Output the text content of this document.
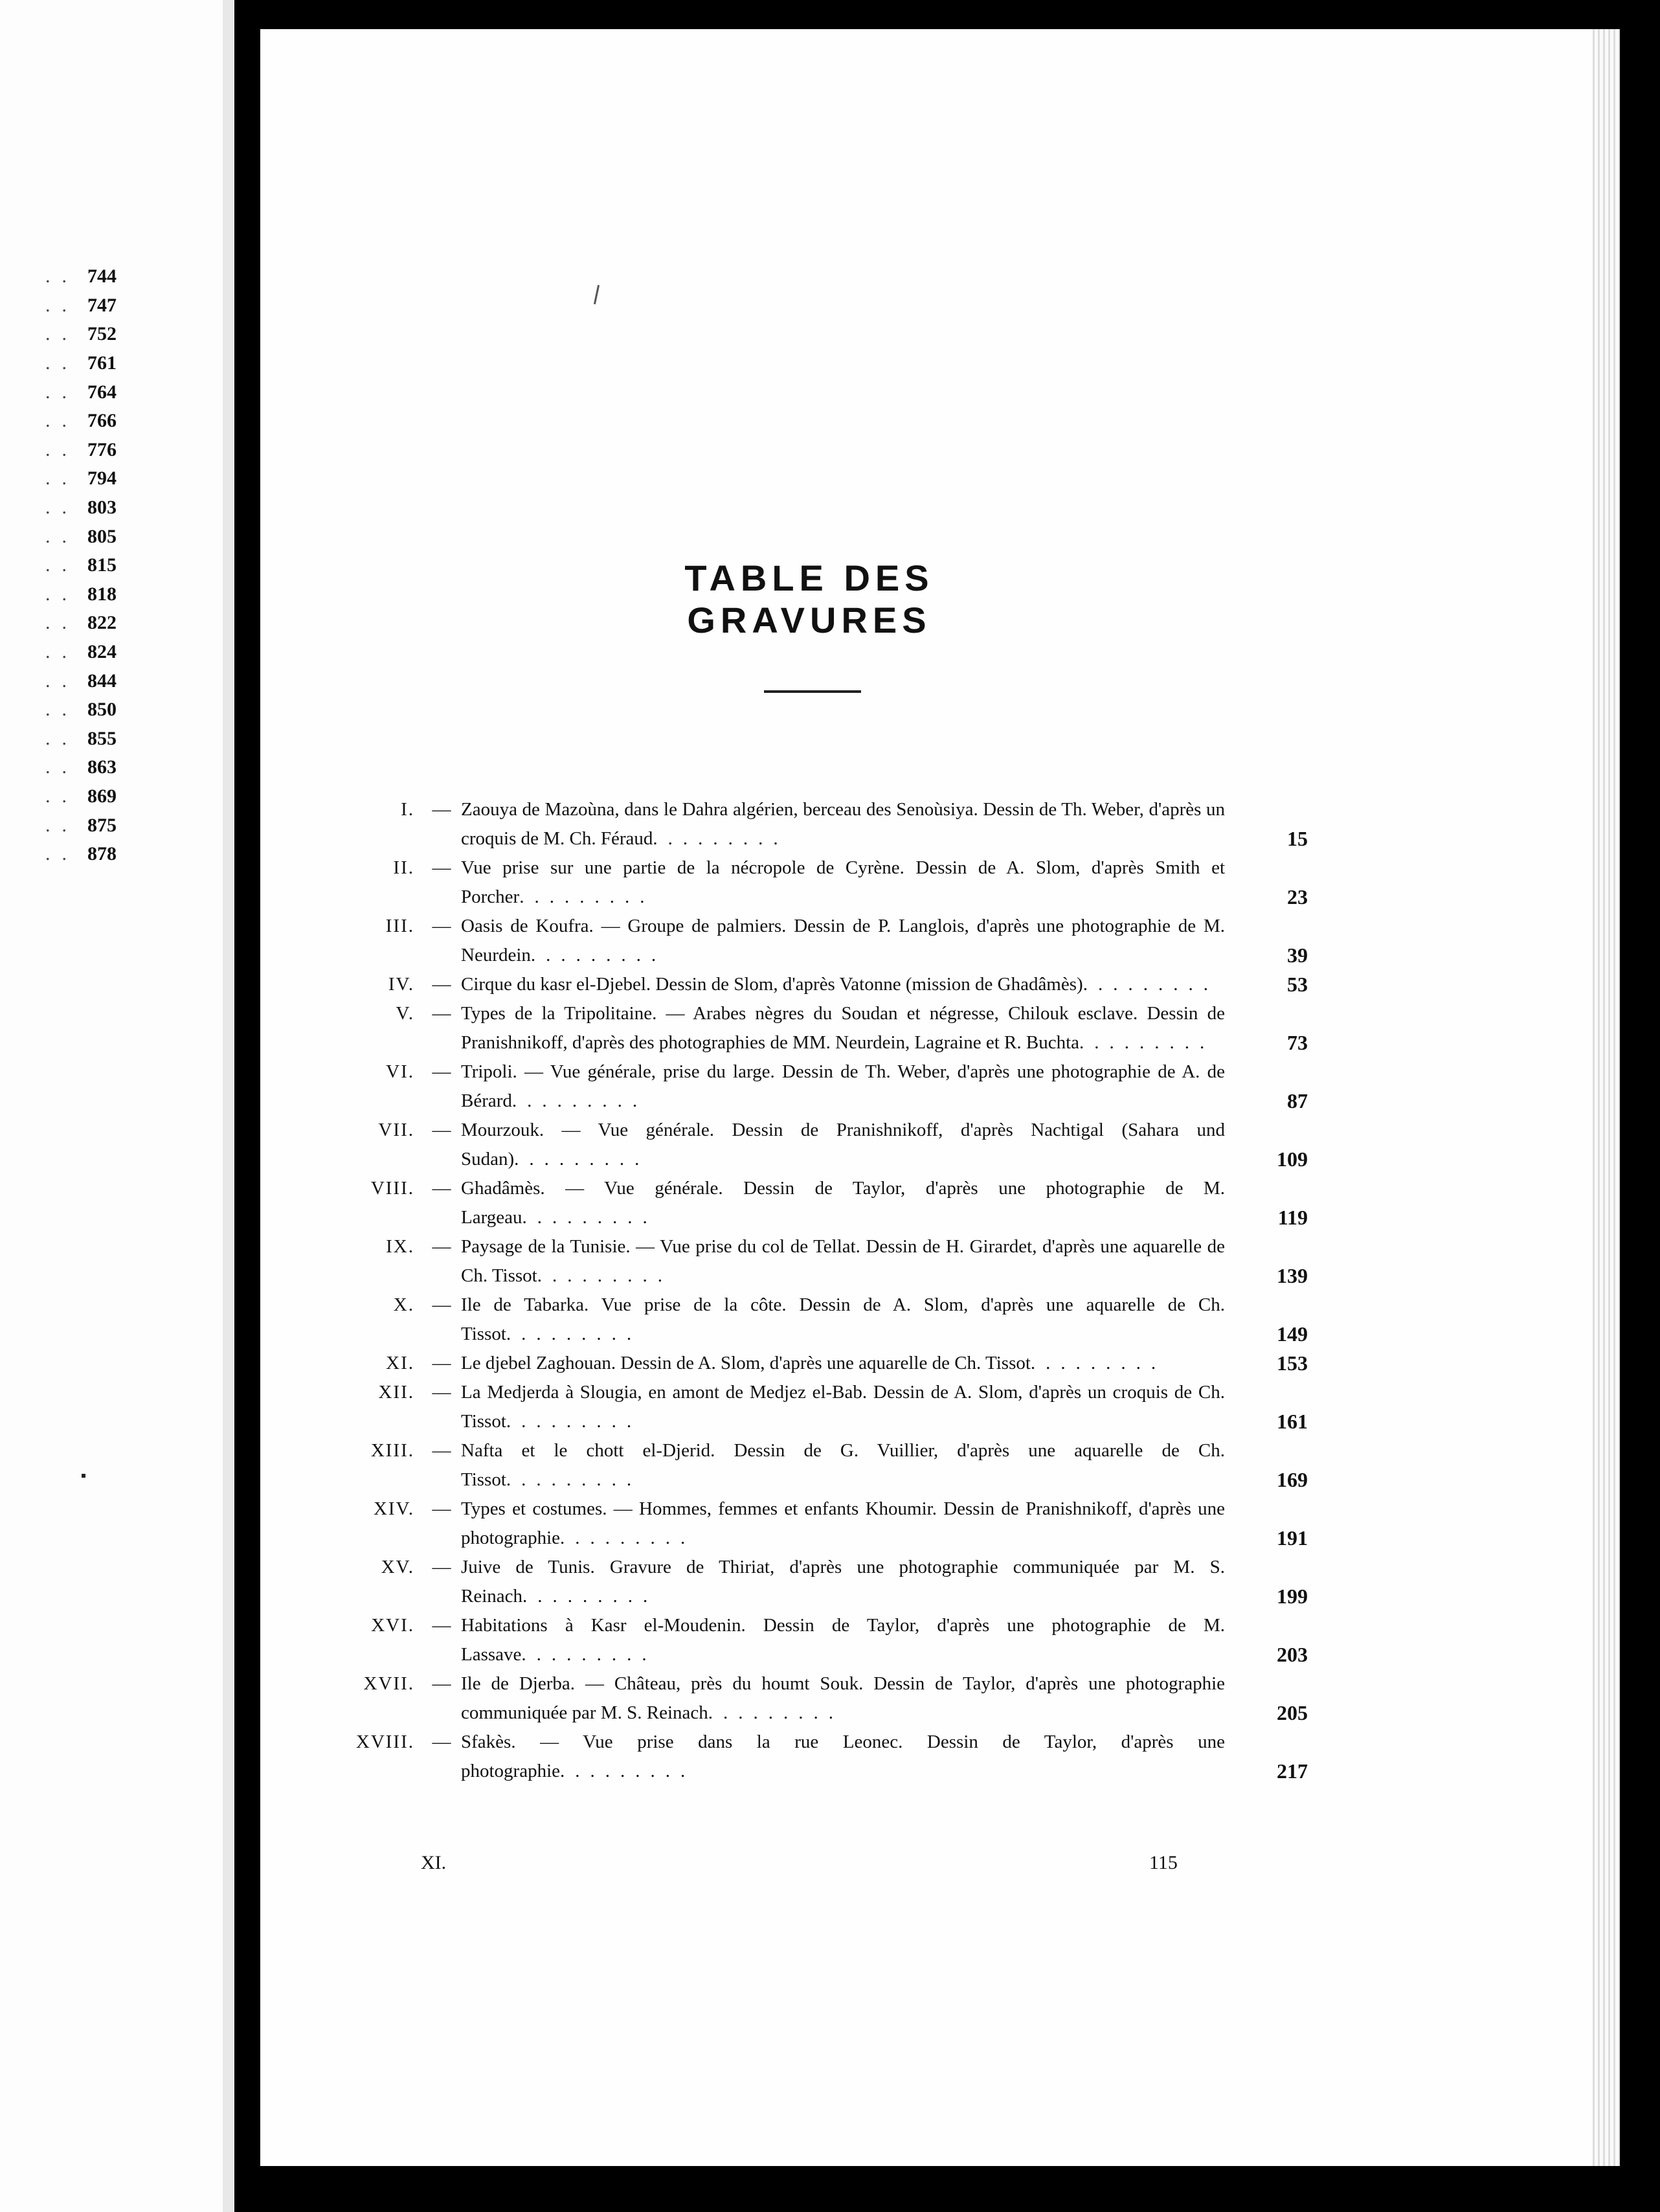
.. 744
.. 747
.. 752
.. 761
.. 764
.. 766
.. 776
.. 794
.. 803
.. 805
.. 815
.. 818
.. 822
.. 824
.. 844
.. 850
.. 855
.. 863
.. 869
.. 875
.. 878
TABLE DES GRAVURES
I. — Zaouya de Mazoùna, dans le Dahra algérien, berceau des Senoùsiya. Dessin de Th. Weber, d'après un croquis de M. Ch. Féraud.........	15
II. — Vue prise sur une partie de la nécropole de Cyrène. Dessin de A. Slom, d'après Smith et Porcher.........	23
III. — Oasis de Koufra. — Groupe de palmiers. Dessin de P. Langlois, d'après une photographie de M. Neurdein.........	39
IV. — Cirque du kasr el-Djebel. Dessin de Slom, d'après Vatonne (mission de Ghadâmès).........	53
V. — Types de la Tripolitaine. — Arabes nègres du Soudan et négresse, Chilouk esclave. Dessin de Pranishnikoff, d'après des photographies de MM. Neurdein, Lagraine et R. Buchta.........	73
VI. — Tripoli. — Vue générale, prise du large. Dessin de Th. Weber, d'après une photographie de A. de Bérard.........	87
VII. — Mourzouk. — Vue générale. Dessin de Pranishnikoff, d'après Nachtigal (Sahara und Sudan).........	109
VIII. — Ghadâmès. — Vue générale. Dessin de Taylor, d'après une photographie de M. Largeau.........	119
IX. — Paysage de la Tunisie. — Vue prise du col de Tellat. Dessin de H. Girardet, d'après une aquarelle de Ch. Tissot.........	139
X. — Ile de Tabarka. Vue prise de la côte. Dessin de A. Slom, d'après une aquarelle de Ch. Tissot.........	149
XI. — Le djebel Zaghouan. Dessin de A. Slom, d'après une aquarelle de Ch. Tissot.........	153
XII. — La Medjerda à Slougia, en amont de Medjez el-Bab. Dessin de A. Slom, d'après un croquis de Ch. Tissot.........	161
XIII. — Nafta et le chott el-Djerid. Dessin de G. Vuillier, d'après une aquarelle de Ch. Tissot.........	169
XIV. — Types et costumes. — Hommes, femmes et enfants Khoumir. Dessin de Pranishnikoff, d'après une photographie.........	191
XV. — Juive de Tunis. Gravure de Thiriat, d'après une photographie communiquée par M. S. Reinach.........	199
XVI. — Habitations à Kasr el-Moudenin. Dessin de Taylor, d'après une photographie de M. Lassave.........	203
XVII. — Ile de Djerba. — Château, près du houmt Souk. Dessin de Taylor, d'après une photographie communiquée par M. S. Reinach.........	205
XVIII. — Sfakès. — Vue prise dans la rue Leonec. Dessin de Taylor, d'après une photographie.........	217
XI.	115
